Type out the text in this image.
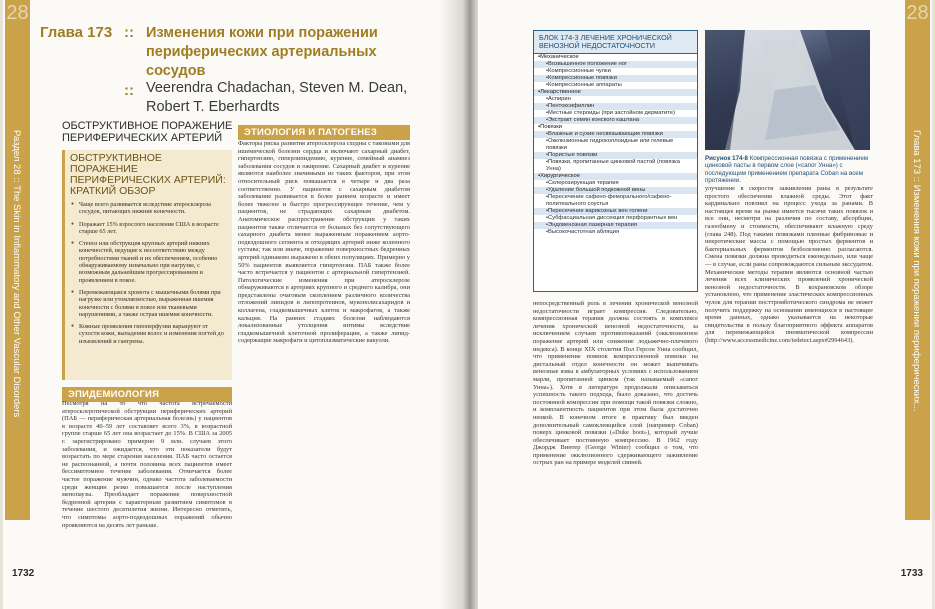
28
Раздел 28 :: The Skin in Inflammatory and Other Vascular Disorders
Глава 173 :: Изменения кожи при поражении периферических артериальных сосудов
:: Veerendra Chadachan, Steven M. Dean, Robert T. Eberhardts
ОБСТРУКТИВНОЕ ПОРАЖЕНИЕ ПЕРИФЕРИЧЕСКИХ АРТЕРИЙ
ОБСТРУКТИВНОЕ ПОРАЖЕНИЕ ПЕРИФЕРИЧЕСКИХ АРТЕРИЙ: КРАТКИЙ ОБЗОР
● Чаще всего развивается вследствие атеросклероза сосудов, питающих нижние конечности.
● Поражает 15% взрослого населения США в возрасте старше 65 лет.
● Стеноз или обструкция крупных артерий нижних конечностей, ведущие к несоответствию между потребностями тканей и их обеспечением, особенно обнаруживаемому изначально при нагрузке, с возможным дальнейшим прогрессированием и проявлением в покое.
● Перемежающаяся хромота с мышечными болями при нагрузке или утомляемостью, выраженная ишемия конечности с болями в покое или тканевыми нарушениями, а также острая ишемия конечности.
● Кожные проявления гипоперфузии варьируют от сухости кожи, выпадения волос и изменения ногтей до изъязвлений и гангрены.
ЭПИДЕМИОЛОГИЯ
Несмотря на то что частота встречаемости атеросклеротической обструкции периферических артерий (ПАБ — периферическая артериальная болезнь) у пациентов в возрасте 40–59 лет составляет всего 3%, в возрастной группе старше 65 лет она возрастает до 15%. В США за 2005 г. зарегистрировано примерно 9 млн. случаев этого заболевания, и ожидается, что эти показатели будут возрастать по мере старения населения. ПАБ часто остается не распознанной, а почти половина всех пациентов имеет бессимптомное течение заболевания. Отмечается более частое поражение мужчин, однако частота заболеваемости среди женщин резко повышается после наступления менопаузы. Преобладает поражение поверхностной бедренной артерии с характерным развитием симптомов в течение шестого десятилетия жизни. Интересно отметить, что симптомы аорто-подвздошных поражений обычно проявляются на десять лет раньше.
ЭТИОЛОГИЯ И ПАТОГЕНЕЗ
Факторы риска развития атеросклероза сходны с таковыми для ишемической болезни сердца и включают сахарный диабет, гипертензию, гиперлипидемию, курение, семейный анамнез заболевания сосудов и ожирение. Сахарный диабет и курение являются наиболее значимыми из таких факторов, при этом относительный риск повышается в четыре и два раза соответственно. У пациентов с сахарным диабетом заболевание развивается в более раннем возрасте и имеет более тяжелое и быстро прогрессирующее течение, чем у пациентов, не страдающих сахарным диабетом. Анатомическое распространение обструкции у таких пациентов также отличается от больных без сопутствующего сахарного диабета менее выраженным поражением аорто-подвздошного сегмента и отходящих артерий ниже коленного сустава; так или иначе, поражение поверхностных бедренных артерий одинаково выражено в обеих популяциях. Примерно у 50% пациентов выявляется гипертензия. ПАБ также более часто встречается у пациентов с артериальной гипертензией. Патологические изменения при атеросклерозе обнаруживаются в артериях крупного и среднего калибра, они представлены очаговым скоплением различного количества отложений липидов и липопротеинов, мукополисахаридов и коллагена, гладкомышечных клеток и макрофагов, а также кальция. На ранних стадиях болезни наблюдаются локализованные утолщения интимы вследствие гладкомышечной клеточной пролиферации, а также липид-содержащие макрофаги и цитоплазматические вакуоли.
1732
28
Глава 173 :: Изменения кожи при поражении периферических...
1733
БЛОК 174-3 ЛЕЧЕНИЕ ХРОНИЧЕСКОЙ ВЕНОЗНОЙ НЕДОСТАТОЧНОСТИ
▪ Механическое
• Возвышенное положение ног
• Компрессионные чулки
• Компрессионные повязки
• Компрессионные аппараты
▪ Лекарственное
• Аспирин
• Пентоксифиллин
• Местные стероиды (при застойном дерматите)
• Экстракт семян конского каштана
▪ Повязки
• Влажные и сухие несвязывающие повязки
• Окклюзионные гидроколлоидные или гелевые повязки
• Пористые повязки
• Повязки, пропитанные цинковой пастой (повязка Унна)
▪ Хирургическое
• Склерозирующая терапия
• Удаление большой подкожной вены
• Пересечение сафено-феморального/сафено-политеального соустья
• Пересечение варикозных вен голени
• Субфасциальная диссекция перфорантных вен
• Эндовенозная лазерная терапия
• Высокочастотная абляция
Рисунок 174-8 Компрессионная повязка с применением цинковой пасты в первом слое («сапог Унна») с последующим применением препарата Coban на всем протяжении.
непосредственный роль в лечении хронической венозной недостаточности играет компрессия. Следовательно, компрессионная терапия должна состоять в комплексе лечения хронической венозной недостаточности, за исключением случаев противопоказаний (окклюзионное поражение артерий или снижение лодыжечно-плечевого индекса). В конце XIX столетия Пол Герсон Унна сообщил, что применение повязок компрессионной повязки на дистальный отдел конечности он может выпечивать венозные язвы в амбулаторных условиях с использованием марли, пропитанной цинком (так называемый «сапог Унна»). Хотя в литературе продолжали описываться успешность такого подхода, было доказано, что достичь постоянной компрессии при помощи такой повязки сложно, и комплаентность пациентов при этом была достаточно низкой. В конечном итоге в практику был введен дополнительный самоклеящийся слой (например Coban) поверх цинковой повязки («Duke boot»), который лучше обеспечивает постоянную компрессию. В 1962 году Джордж Винтер (George Winter) сообщил о том, что применение окклюзионного сдерживающего заживление острых ран на примере моделей свиней.
улучшение в скорости заживления раны в результате простого обеспечения влажной среды. Этот факт кардинально повлиял на процесс ухода за ранами. В настоящее время на рынке имеется тысячи таких повязок и все они, несмотря на различия по составу, абсорбции, газообмену и стоимости, обеспечивают влажную среду (глава 248). Под такими повязками пленные фибриновые и некротические массы с помощью простых ферментов и бактериальных ферментов безболезненно разлагаются. Смена повязки должна проводиться еженедельно, или чаще — в случае, если раны сопровождаются сильным экссудатом. Механические методы терапии являются основной частью лечения всех клинических проявлений хронической венозной недостаточности. В кохрановском обзоре установлено, что применение эластических компрессионных чулок для терапии посттромботического синдрома не может получить поддержку на основании имеющихся в настоящее время данных, однако указывается на некоторые свидетельства в пользу благоприятного эффекта аппаратов для перемежающейся пневматической компрессии (http://www.accessmedicine.com/iedetect.aspx#2994643).
